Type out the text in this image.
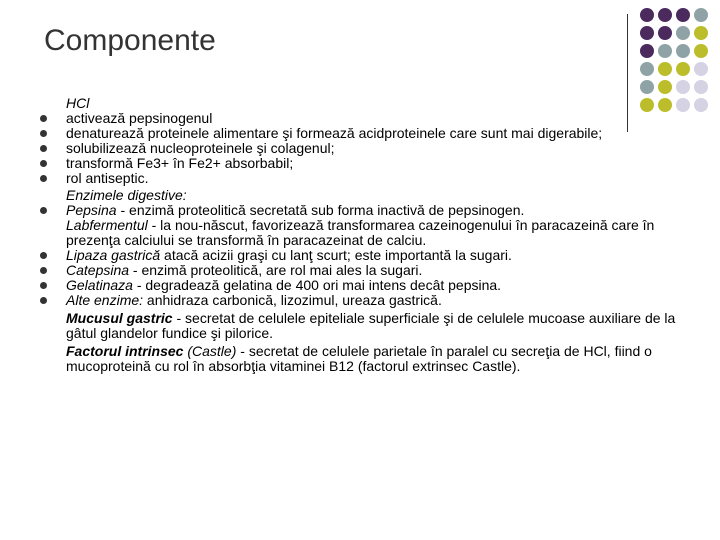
Componente

HCl

activează pepsinogenul

denaturează proteinele alimentare şi formează acidproteinele care sunt mai digerabile;

solubilizează nucleoproteinele şi colagenul;

transformă Fe3+ în Fe2+ absorbabil;

rol antiseptic.

Enzimele digestive:

Pepsina - enzimă proteolitică secretată sub forma inactivă de pepsinogen.

Labfermentul - la nou-născut, favorizează transformarea cazeinogenului în paracazeină care în prezenţa calciului se transformă în paracazeinat de calciu.

Lipaza gastrică atacă acizii graşi cu lanţ scurt; este importantă la sugari.

Catepsina - enzimă proteolitică, are rol mai ales la sugari.

Gelatinaza - degradează gelatina de 400 ori mai intens decât pepsina.

Alte enzime: anhidraza carbonică, lizozimul, ureaza gastrică.

Mucusul gastric - secretat de celulele epiteliale superficiale şi de celulele mucoase auxiliare de la gâtul glandelor fundice şi pilorice.

Factorul intrinsec (Castle) - secretat de celulele parietale în paralel cu secreţia de HCl, fiind o mucoproteină cu rol în absorbţia vitaminei B12 (factorul extrinsec Castle).
